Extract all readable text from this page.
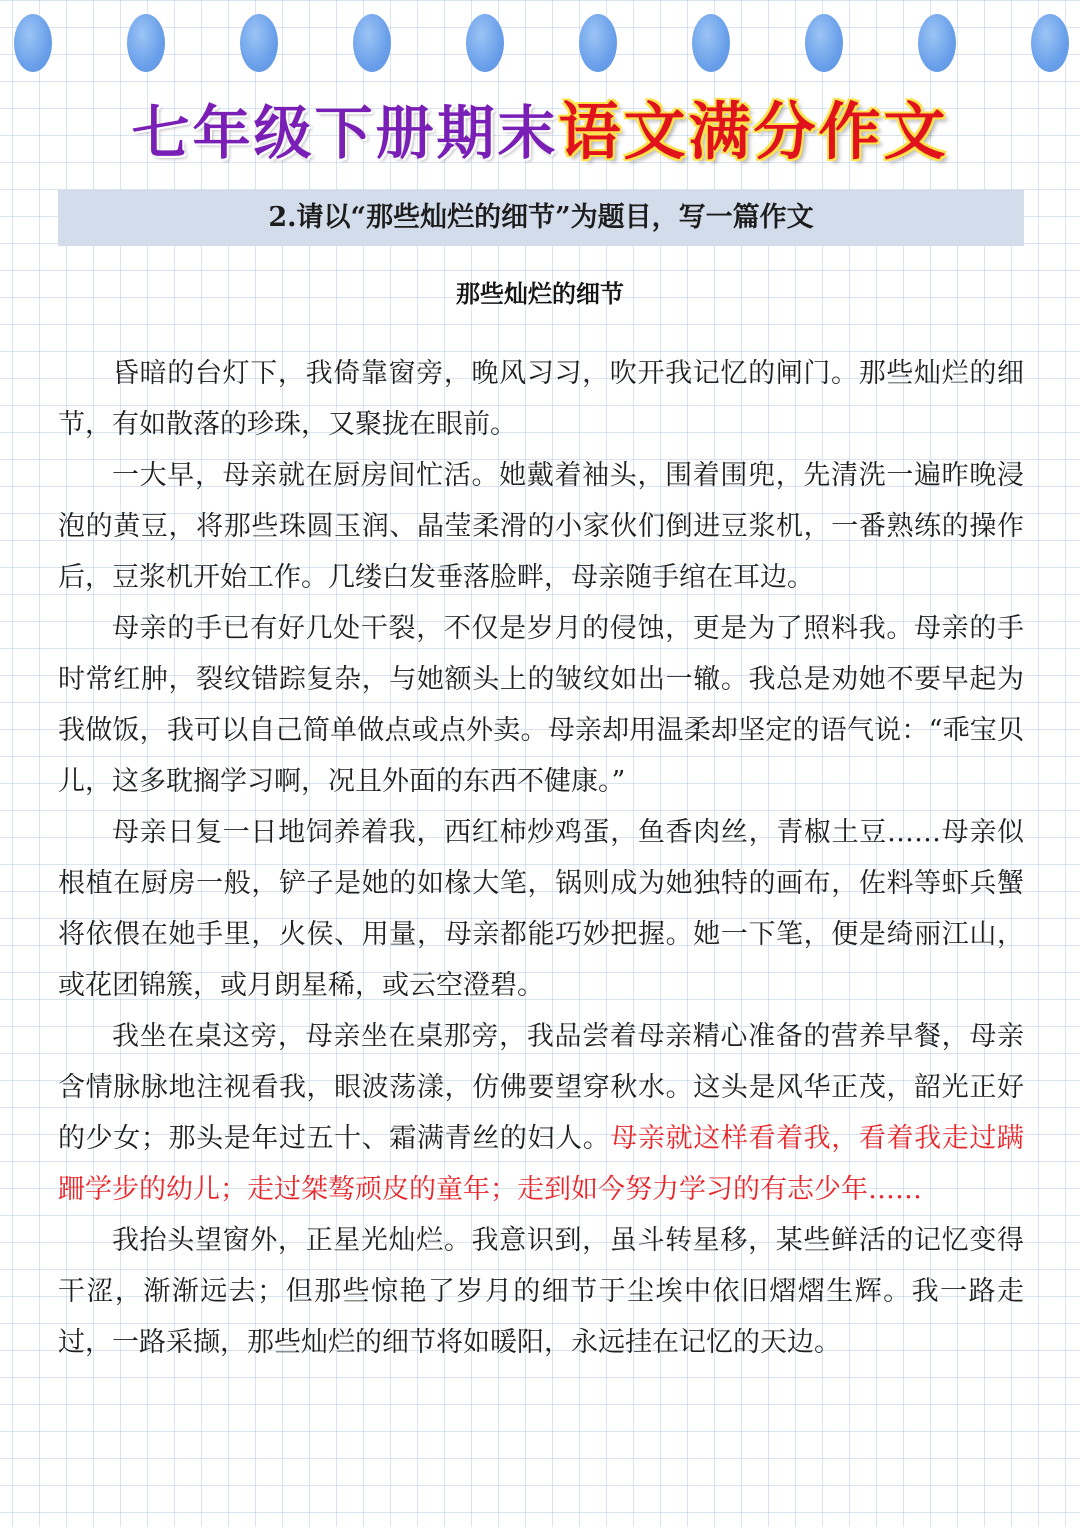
七年级下册期末语文满分作文
2.请以“那些灿烂的细节”为题目，写一篇作文
那些灿烂的细节

昏暗的台灯下，我倚靠窗旁，晚风习习，吹开我记忆的闸门。那些灿烂的细节，有如散落的珍珠，又聚拢在眼前。

一大早，母亲就在厨房间忙活。她戴着袖头，围着围兜，先清洗一遍昨晚浸泡的黄豆，将那些珠圆玉润、晶莹柔滑的小家伙们倒进豆浆机，一番熟练的操作后，豆浆机开始工作。几缕白发垂落脸畔，母亲随手绾在耳边。

母亲的手已有好几处干裂，不仅是岁月的侵蚀，更是为了照料我。母亲的手时常红肿，裂纹错踪复杂，与她额头上的皱纹如出一辙。我总是劝她不要早起为我做饭，我可以自己简单做点或点外卖。母亲却用温柔却坚定的语气说：“乖宝贝儿，这多耽搁学习啊，况且外面的东西不健康。”

母亲日复一日地饲养着我，西红柿炒鸡蛋，鱼香肉丝，青椒土豆……母亲似根植在厨房一般，铲子是她的如椽大笔，锅则成为她独特的画布，佐料等虾兵蟹将依偎在她手里，火侯、用量，母亲都能巧妙把握。她一下笔，便是绮丽江山，或花团锦簇，或月朗星稀，或云空澄碧。

我坐在桌这旁，母亲坐在桌那旁，我品尝着母亲精心准备的营养早餐，母亲含情脉脉地注视看我，眼波荡漾，仿佛要望穿秋水。这头是风华正茂，韶光正好的少女；那头是年过五十、霜满青丝的妇人。母亲就这样看着我，看着我走过蹒跚学步的幼儿；走过桀骜顽皮的童年；走到如今努力学习的有志少年……

我抬头望窗外，正星光灿烂。我意识到，虽斗转星移，某些鲜活的记忆变得干涩，渐渐远去；但那些惊艳了岁月的细节于尘埃中依旧熠熠生辉。我一路走过，一路采撷，那些灿烂的细节将如暖阳，永远挂在记忆的天边。
